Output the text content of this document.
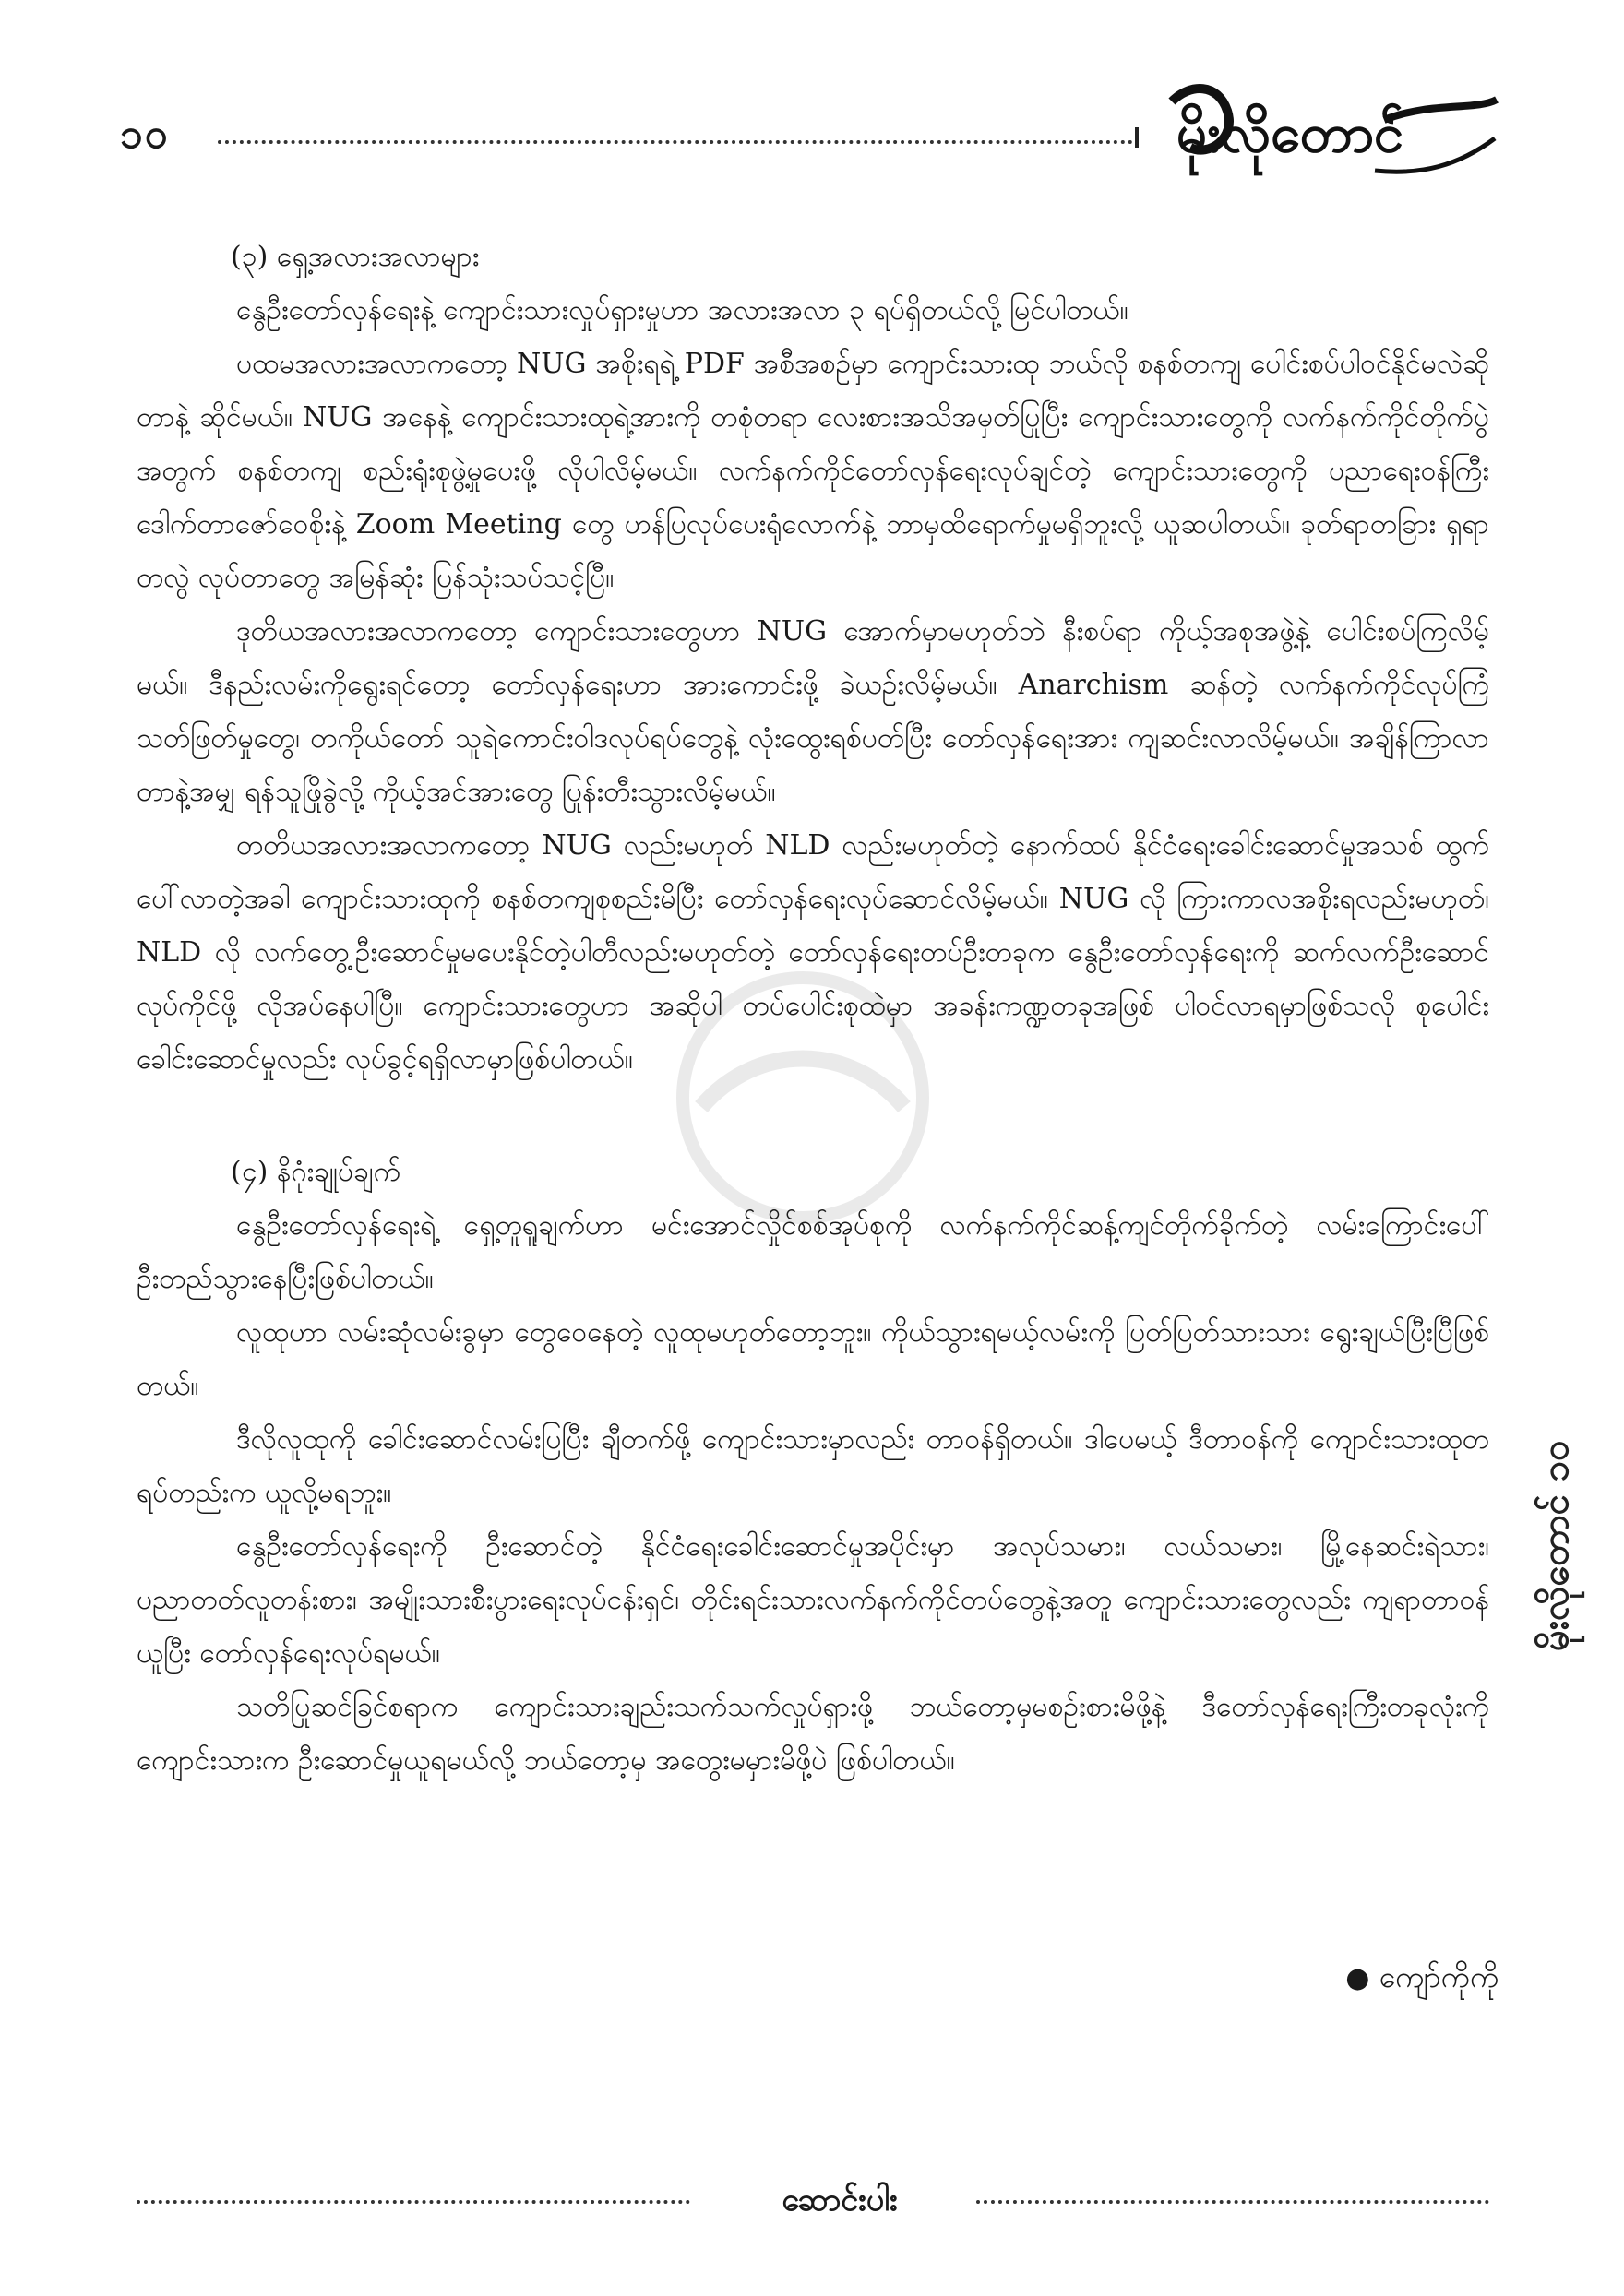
၁၀	မိုးလိုတောင်

(၃) ရှေ့အလားအလာများ

နွေဦးတော်လှန်ရေးနဲ့ ကျောင်းသားလှုပ်ရှားမှုဟာ အလားအလာ ၃ ရပ်ရှိတယ်လို့ မြင်ပါတယ်။

ပထမအလားအလာကတော့ NUG အစိုးရရဲ့ PDF အစီအစဉ်မှာ ကျောင်းသားထု ဘယ်လို စနစ်တကျ ပေါင်းစပ်ပါဝင်နိုင်မလဲဆိုတာနဲ့ ဆိုင်မယ်။ NUG အနေနဲ့ ကျောင်းသားထုရဲ့အားကို တစုံတရာ လေးစားအသိအမှတ်ပြုပြီး ကျောင်းသားတွေကို လက်နက်ကိုင်တိုက်ပွဲအတွက် စနစ်တကျ စည်းရုံးစုဖွဲ့မှုပေးဖို့ လိုပါလိမ့်မယ်။ လက်နက်ကိုင်တော်လှန်ရေးလုပ်ချင်တဲ့ ကျောင်းသားတွေကို ပညာရေးဝန်ကြီး ဒေါက်တာဇော်ဝေစိုးနဲ့ Zoom Meeting တွေ ဟန်ပြလုပ်ပေးရုံလောက်နဲ့ ဘာမှထိရောက်မှုမရှိဘူးလို့ ယူဆပါတယ်။ ခုတ်ရာတခြား ရှရာတလွဲ လုပ်တာတွေ အမြန်ဆုံး ပြန်သုံးသပ်သင့်ပြီ။

ဒုတိယအလားအလာကတော့ ကျောင်းသားတွေဟာ NUG အောက်မှာမဟုတ်ဘဲ နီးစပ်ရာ ကိုယ့်အစုအဖွဲ့နဲ့ ပေါင်းစပ်ကြလိမ့်မယ်။ ဒီနည်းလမ်းကိုရွေးရင်တော့ တော်လှန်ရေးဟာ အားကောင်းဖို့ ခဲယဉ်းလိမ့်မယ်။ Anarchism ဆန်တဲ့ လက်နက်ကိုင်လုပ်ကြံသတ်ဖြတ်မှုတွေ၊ တကိုယ်တော် သူရဲကောင်းဝါဒလုပ်ရပ်တွေနဲ့ လုံးထွေးရစ်ပတ်ပြီး တော်လှန်ရေးအား ကျဆင်းလာလိမ့်မယ်။ အချိန်ကြာလာတာနဲ့အမျှ ရန်သူဖြိုခွဲလို့ ကိုယ့်အင်အားတွေ ပြုန်းတီးသွားလိမ့်မယ်။

တတိယအလားအလာကတော့ NUG လည်းမဟုတ် NLD လည်းမဟုတ်တဲ့ နောက်ထပ် နိုင်ငံရေးခေါင်းဆောင်မှုအသစ် ထွက်ပေါ်လာတဲ့အခါ ကျောင်းသားထုကို စနစ်တကျစုစည်းမိပြီး တော်လှန်ရေးလုပ်ဆောင်လိမ့်မယ်။ NUG လို ကြားကာလအစိုးရလည်းမဟုတ်၊ NLD လို လက်တွေ့ဦးဆောင်မှုမပေးနိုင်တဲ့ပါတီလည်းမဟုတ်တဲ့ တော်လှန်ရေးတပ်ဦးတခုက နွေဦးတော်လှန်ရေးကို ဆက်လက်ဦးဆောင်လုပ်ကိုင်ဖို့ လိုအပ်နေပါပြီ။ ကျောင်းသားတွေဟာ အဆိုပါ တပ်ပေါင်းစုထဲမှာ အခန်းကဏ္ဍတခုအဖြစ် ပါဝင်လာရမှာဖြစ်သလို စုပေါင်းခေါင်းဆောင်မှုလည်း လုပ်ခွင့်ရရှိလာမှာဖြစ်ပါတယ်။

(၄) နိဂုံးချုပ်ချက်

နွေဦးတော်လှန်ရေးရဲ့ ရှေ့တူရူချက်ဟာ မင်းအောင်လှိုင်စစ်အုပ်စုကို လက်နက်ကိုင်ဆန့်ကျင်တိုက်ခိုက်တဲ့ လမ်းကြောင်းပေါ် ဦးတည်သွားနေပြီးဖြစ်ပါတယ်။

လူထုဟာ လမ်းဆုံလမ်းခွမှာ တွေဝေနေတဲ့ လူထုမဟုတ်တော့ဘူး။ ကိုယ်သွားရမယ့်လမ်းကို ပြတ်ပြတ်သားသား ရွေးချယ်ပြီးပြီဖြစ်တယ်။

ဒီလိုလူထုကို ခေါင်းဆောင်လမ်းပြပြီး ချီတက်ဖို့ ကျောင်းသားမှာလည်း တာဝန်ရှိတယ်။ ဒါပေမယ့် ဒီတာဝန်ကို ကျောင်းသားထုတရပ်တည်းက ယူလို့မရဘူး။

နွေဦးတော်လှန်ရေးကို ဦးဆောင်တဲ့ နိုင်ငံရေးခေါင်းဆောင်မှုအပိုင်းမှာ အလုပ်သမား၊ လယ်သမား၊ မြို့နေဆင်းရဲသား၊ ပညာတတ်လူတန်းစား၊ အမျိုးသားစီးပွားရေးလုပ်ငန်းရှင်၊ တိုင်းရင်းသားလက်နက်ကိုင်တပ်တွေနဲ့အတူ ကျောင်းသားတွေလည်း ကျရာတာဝန်ယူပြီး တော်လှန်ရေးလုပ်ရမယ်။

သတိပြုဆင်ခြင်စရာက ကျောင်းသားချည်းသက်သက်လှုပ်ရှားဖို့ ဘယ်တော့မှမစဉ်းစားမိဖို့နဲ့ ဒီတော်လှန်ရေးကြီးတခုလုံးကို ကျောင်းသားက ဦးဆောင်မှုယူရမယ်လို့ ဘယ်တော့မှ အတွေးမမှားမိဖို့ပဲ ဖြစ်ပါတယ်။

● ကျော်ကိုကို
မိုးလိုတောင် ၁၀
ဆောင်းပါး
